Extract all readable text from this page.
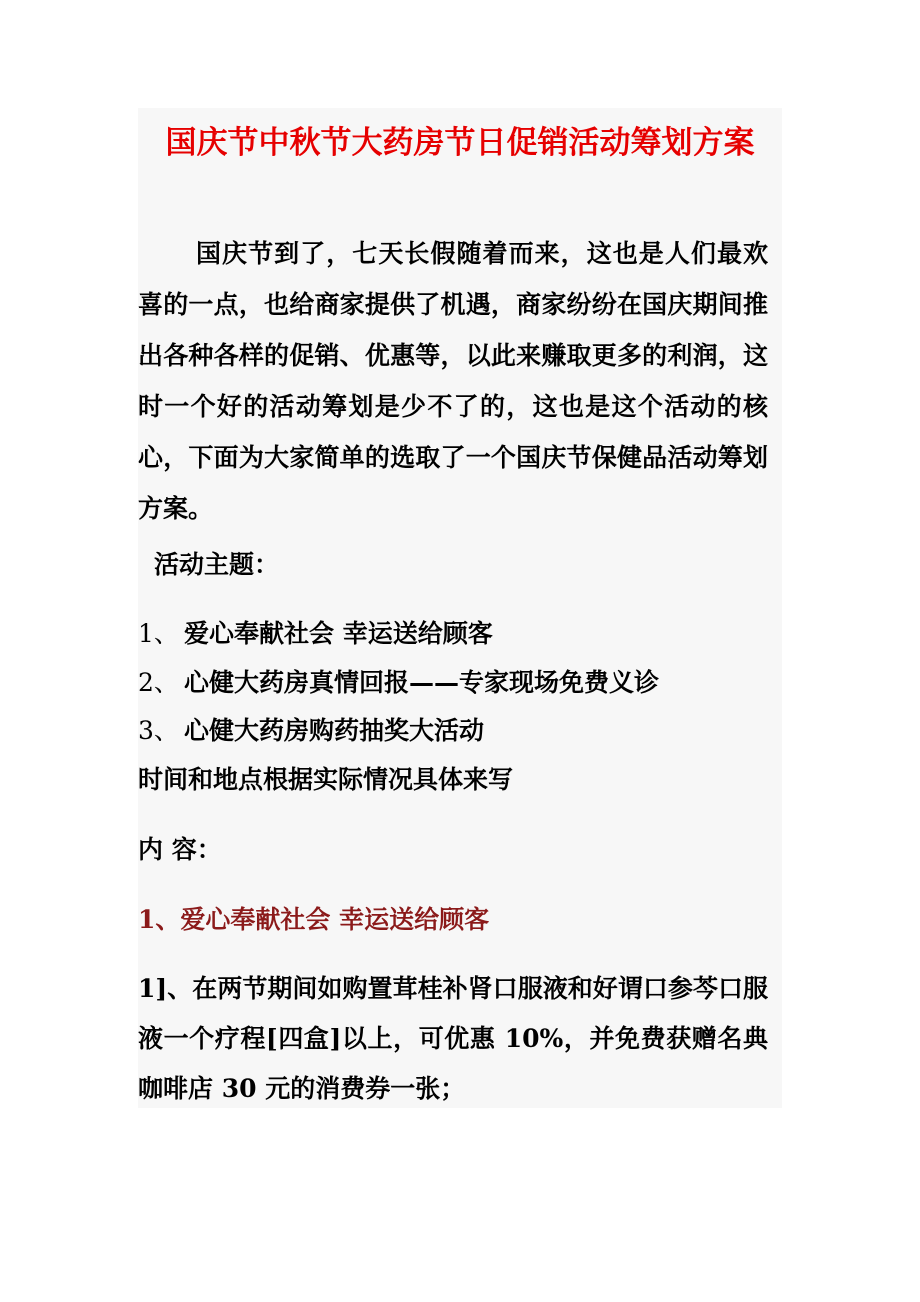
国庆节中秋节大药房节日促销活动筹划方案

国庆节到了，七天长假随着而来，这也是人们最欢喜的一点，也给商家提供了机遇，商家纷纷在国庆期间推出各种各样的促销、优惠等，以此来赚取更多的利润，这时一个好的活动筹划是少不了的，这也是这个活动的核心，下面为大家简单的选取了一个国庆节保健品活动筹划方案。

活动主题：
1、 爱心奉献社会 幸运送给顾客
2、 心健大药房真情回报——专家现场免费义诊
3、 心健大药房购药抽奖大活动
时间和地点根据实际情况具体来写
内 容：
1、爱心奉献社会 幸运送给顾客

1]、在两节期间如购置茸桂补肾口服液和好谓口参芩口服液一个疗程[四盒]以上，可优惠 10%，并免费获赠名典咖啡店 30 元的消费券一张；
